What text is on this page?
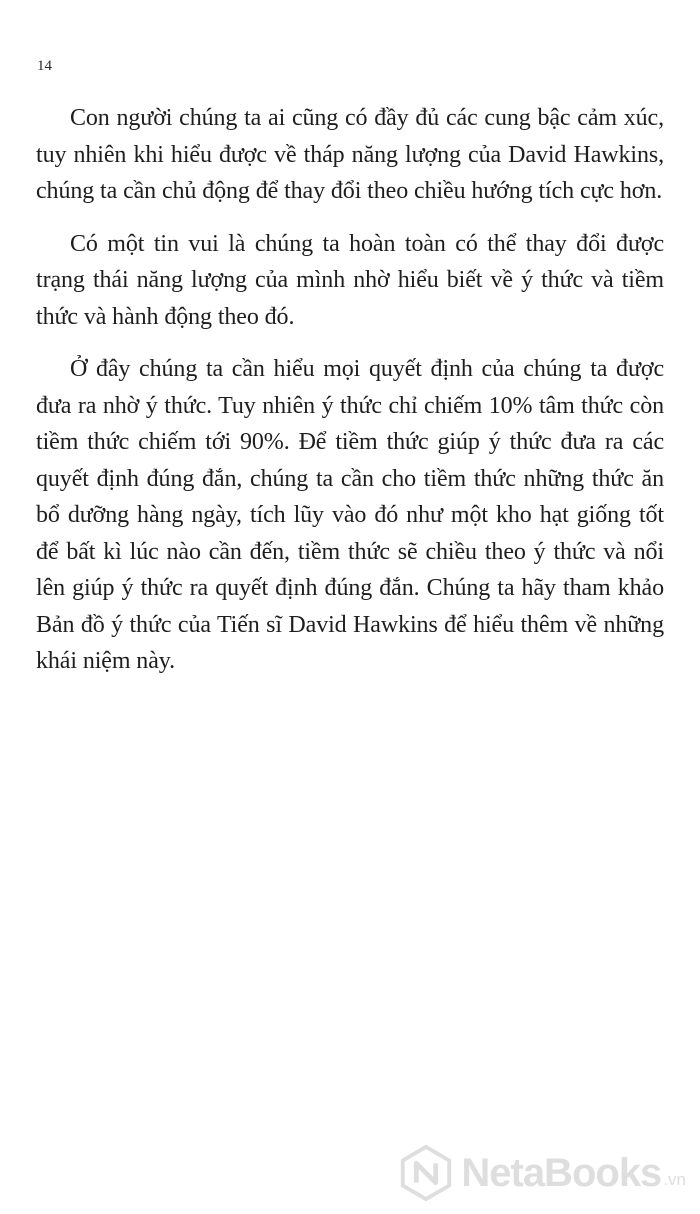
14

Con người chúng ta ai cũng có đầy đủ các cung bậc cảm xúc, tuy nhiên khi hiểu được về tháp năng lượng của David Hawkins, chúng ta cần chủ động để thay đổi theo chiều hướng tích cực hơn.

Có một tin vui là chúng ta hoàn toàn có thể thay đổi được trạng thái năng lượng của mình nhờ hiểu biết về ý thức và tiềm thức và hành động theo đó.

Ở đây chúng ta cần hiểu mọi quyết định của chúng ta được đưa ra nhờ ý thức. Tuy nhiên ý thức chỉ chiếm 10% tâm thức còn tiềm thức chiếm tới 90%. Để tiềm thức giúp ý thức đưa ra các quyết định đúng đắn, chúng ta cần cho tiềm thức những thức ăn bổ dưỡng hàng ngày, tích lũy vào đó như một kho hạt giống tốt để bất kì lúc nào cần đến, tiềm thức sẽ chiều theo ý thức và nổi lên giúp ý thức ra quyết định đúng đắn. Chúng ta hãy tham khảo Bản đồ ý thức của Tiến sĩ David Hawkins để hiểu thêm về những khái niệm này.

NetaBooks .vn
